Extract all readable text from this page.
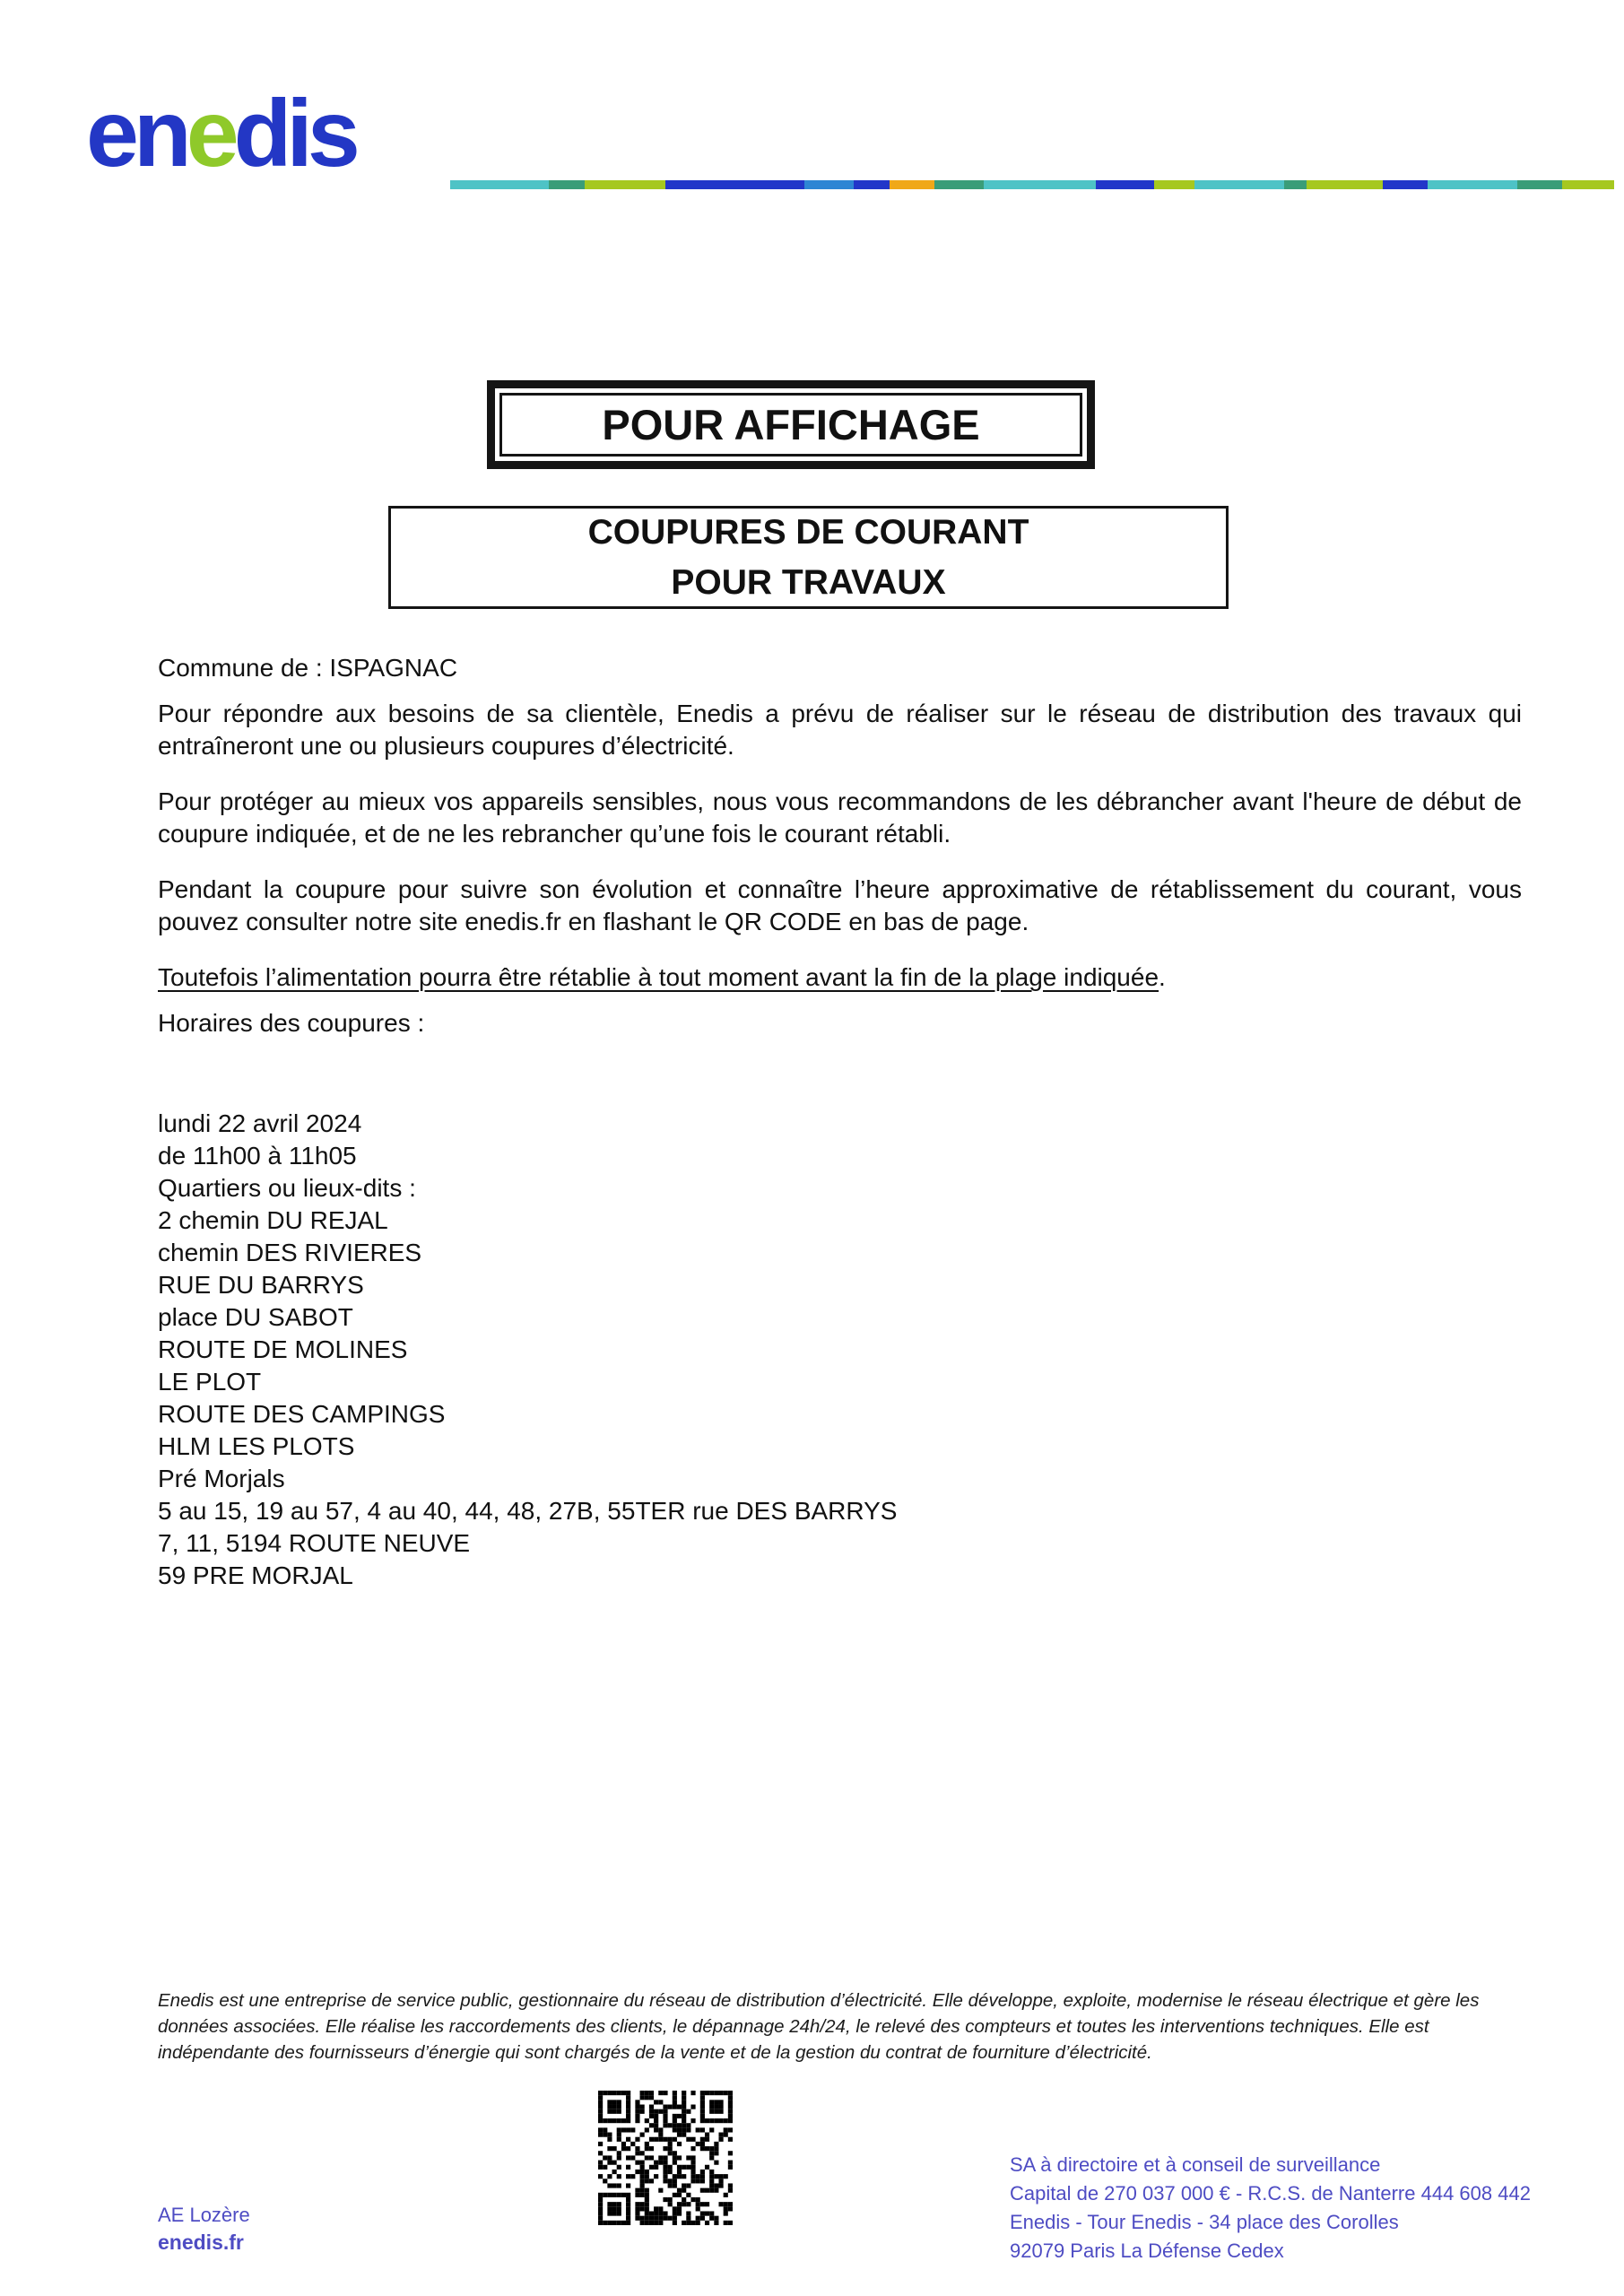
enedis
POUR AFFICHAGE
COUPURES DE COURANT
POUR TRAVAUX

Commune de : ISPAGNAC

Pour répondre aux besoins de sa clientèle, Enedis a prévu de réaliser sur le réseau de distribution des travaux qui entraîneront une ou plusieurs coupures d’électricité.

Pour protéger au mieux vos appareils sensibles, nous vous recommandons de les débrancher avant l'heure de début de coupure indiquée, et de ne les rebrancher qu’une fois le courant rétabli.

Pendant la coupure pour suivre son évolution et connaître l’heure approximative de rétablissement du courant, vous pouvez consulter notre site enedis.fr en flashant le QR CODE en bas de page.

Toutefois l’alimentation pourra être rétablie à tout moment avant la fin de la plage indiquée.

Horaires des coupures :

lundi 22 avril 2024

de 11h00 à 11h05

Quartiers ou lieux-dits :

2 chemin DU REJAL

chemin DES RIVIERES

RUE DU BARRYS

place DU SABOT

ROUTE DE MOLINES

LE PLOT

ROUTE DES CAMPINGS

HLM LES PLOTS

Pré Morjals

5 au 15, 19 au 57, 4 au 40, 44, 48, 27B, 55TER rue DES BARRYS

7, 11, 5194 ROUTE NEUVE

59 PRE MORJAL

Enedis est une entreprise de service public, gestionnaire du réseau de distribution d’électricité. Elle développe, exploite, modernise le réseau électrique et gère les données associées. Elle réalise les raccordements des clients, le dépannage 24h/24, le relevé des compteurs et toutes les interventions techniques. Elle est indépendante des fournisseurs d’énergie qui sont chargés de la vente et de la gestion du contrat de fourniture d’électricité.
AE Lozère
enedis.fr
SA à directoire et à conseil de surveillance
Capital de 270 037 000 € - R.C.S. de Nanterre 444 608 442
Enedis - Tour Enedis - 34 place des Corolles
92079 Paris La Défense Cedex
